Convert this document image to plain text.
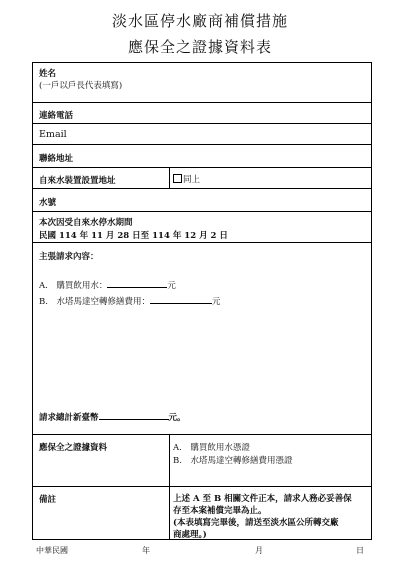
淡水區停水廠商補償措施
應保全之證據資料表
姓名
(一戶以戶長代表填寫)
連絡電話
Email
聯絡地址
自來水裝置設置地址	同上
水號
本次因受自來水停水期間
民國 114 年 11 月 28 日至 114 年 12 月 2 日
主張請求內容：
A.　購買飲用水：	元
B.　水塔馬達空轉修繕費用：	元
請求總計新臺幣	元。
應保全之證據資料	A.　購買飲用水憑證
B.　水塔馬達空轉修繕費用憑證
備註	上述 A 至 B 相關文件正本，請求人務必妥善保
存至本案補償完畢為止。
(本表填寫完畢後，請送至淡水區公所轉交廠
商處理。)
中華民國	年	月	日
